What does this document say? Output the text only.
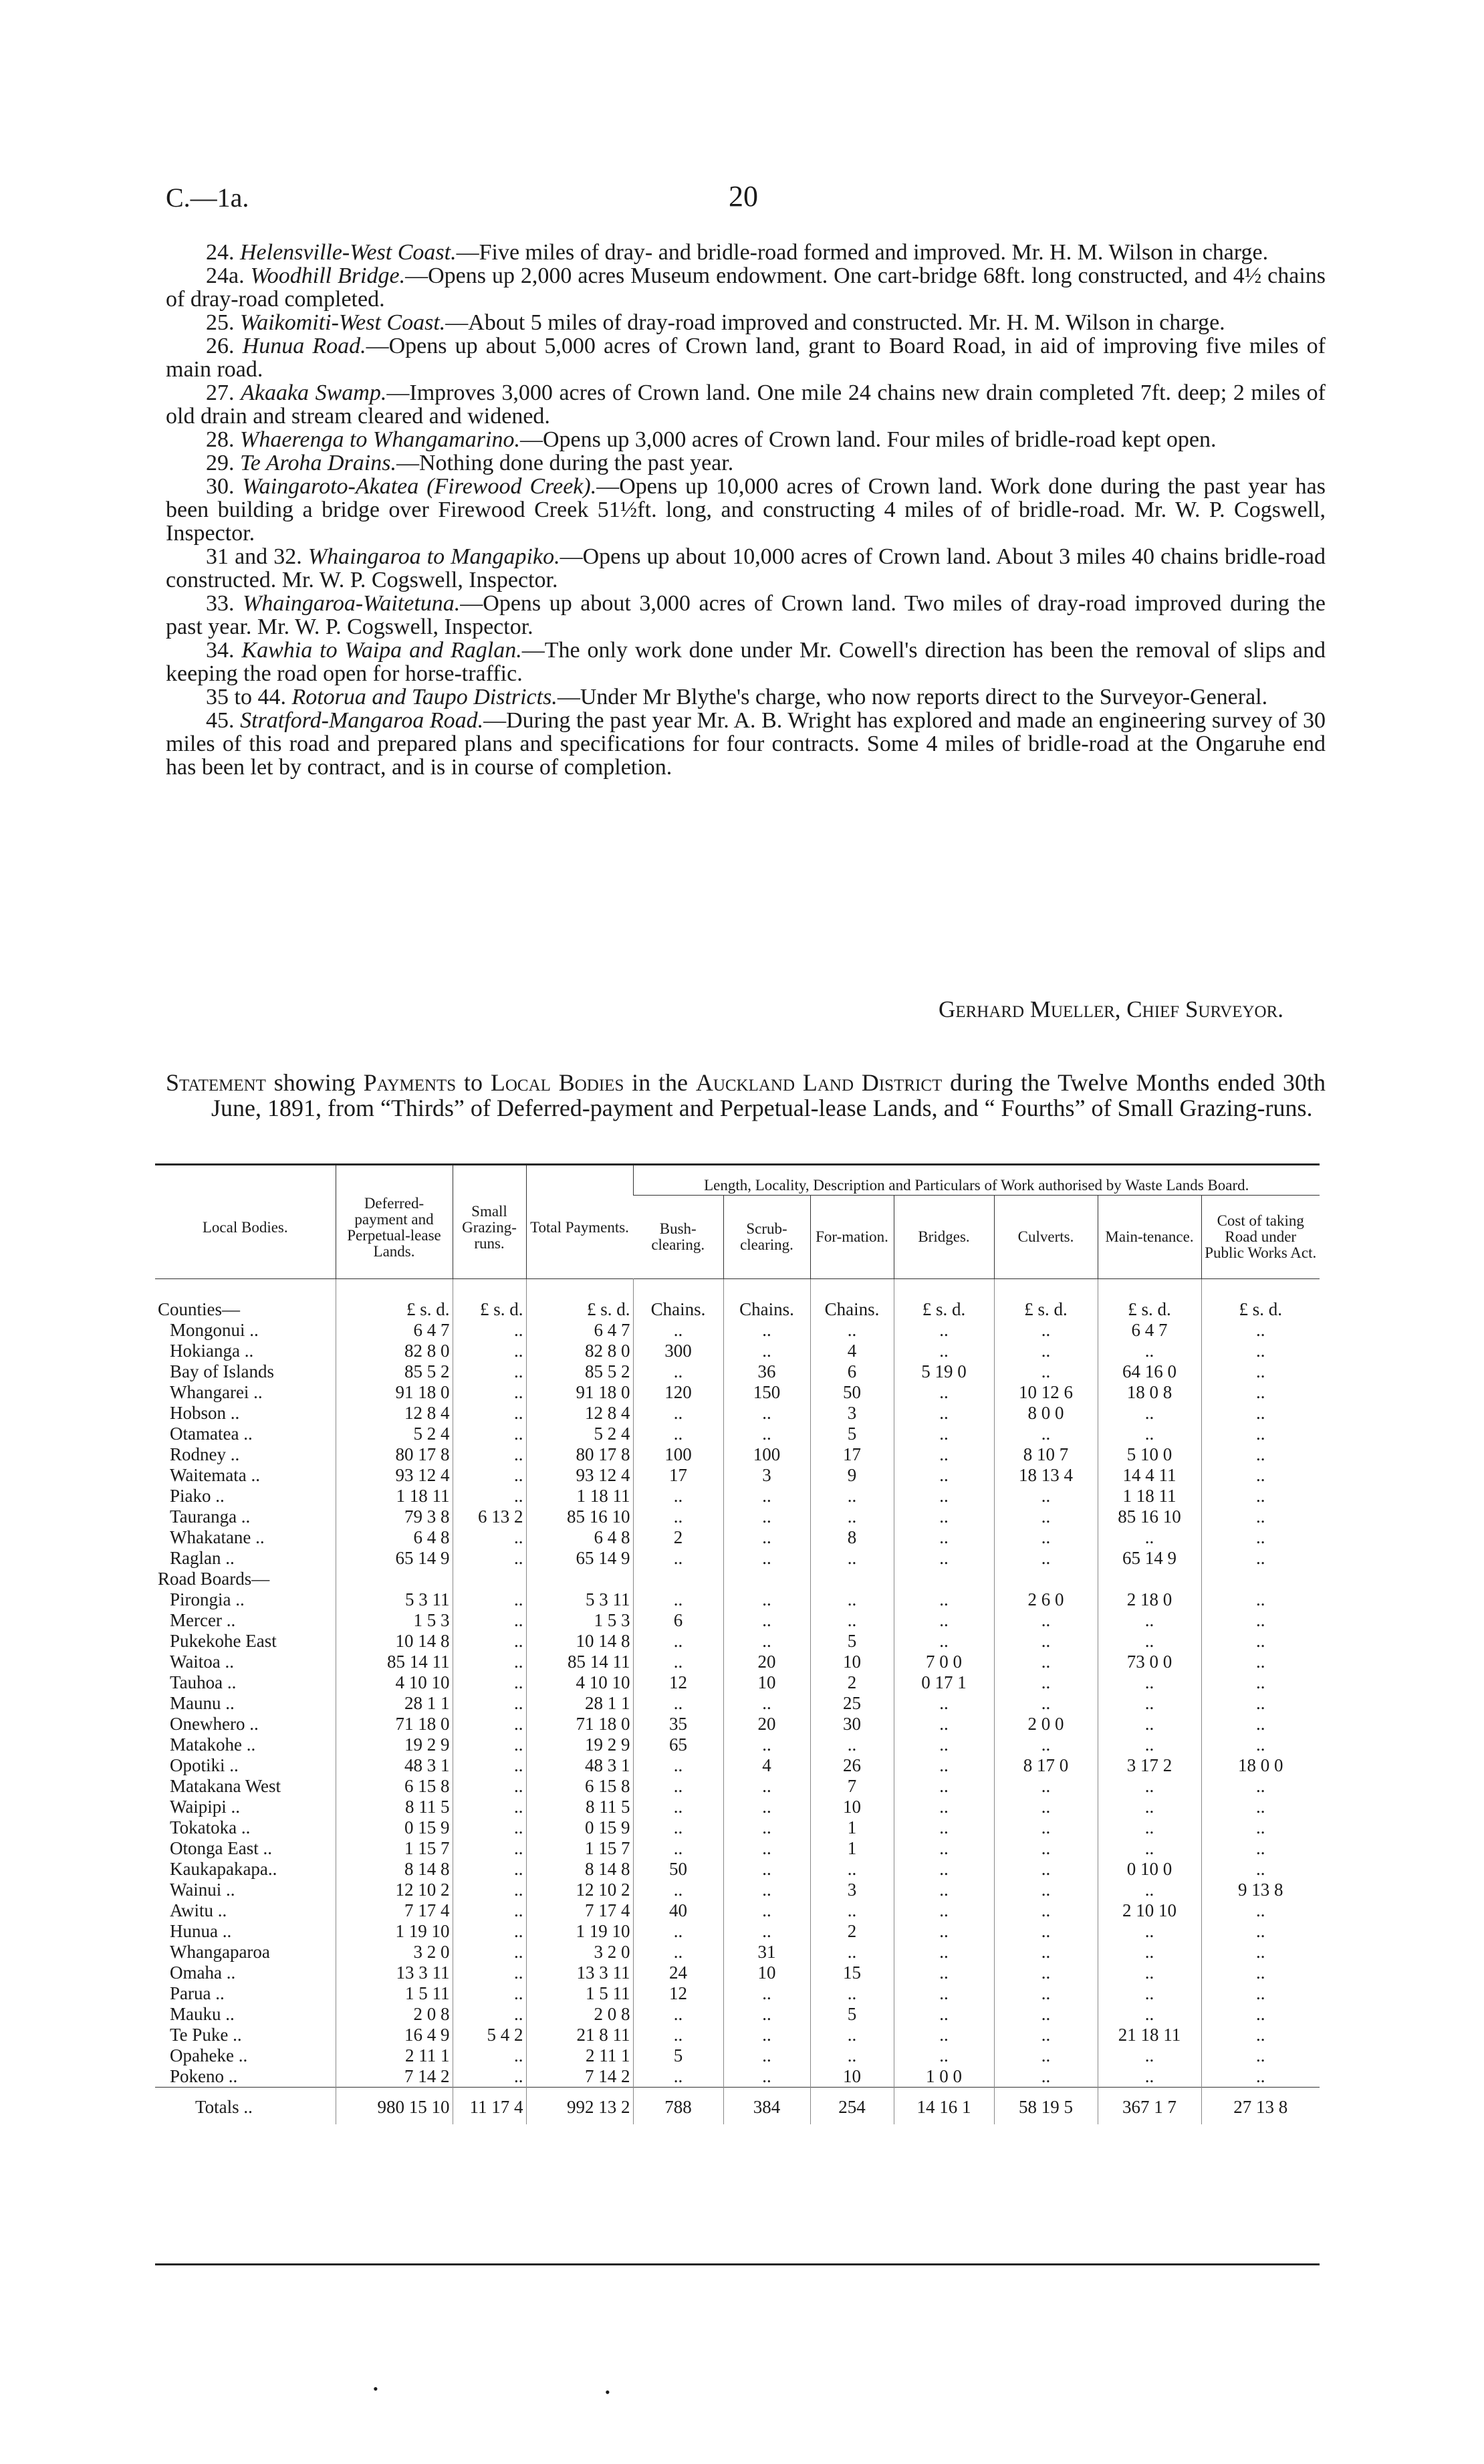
C.—1a.	20

24. Helensville-West Coast.—Five miles of dray- and bridle-road formed and improved. Mr. H. M. Wilson in charge.

24a. Woodhill Bridge.—Opens up 2,000 acres Museum endowment. One cart-bridge 68ft. long constructed, and 4½ chains of dray-road completed.

25. Waikomiti-West Coast.—About 5 miles of dray-road improved and constructed. Mr. H. M. Wilson in charge.

26. Hunua Road.—Opens up about 5,000 acres of Crown land, grant to Board Road, in aid of improving five miles of main road.

27. Akaaka Swamp.—Improves 3,000 acres of Crown land. One mile 24 chains new drain completed 7ft. deep; 2 miles of old drain and stream cleared and widened.

28. Whaerenga to Whangamarino.—Opens up 3,000 acres of Crown land. Four miles of bridle-road kept open.

29. Te Aroha Drains.—Nothing done during the past year.

30. Waingaroto-Akatea (Firewood Creek).—Opens up 10,000 acres of Crown land. Work done during the past year has been building a bridge over Firewood Creek 51½ft. long, and constructing 4 miles of of bridle-road. Mr. W. P. Cogswell, Inspector.

31 and 32. Whaingaroa to Mangapiko.—Opens up about 10,000 acres of Crown land. About 3 miles 40 chains bridle-road constructed. Mr. W. P. Cogswell, Inspector.

33. Whaingaroa-Waitetuna.—Opens up about 3,000 acres of Crown land. Two miles of dray-road improved during the past year. Mr. W. P. Cogswell, Inspector.

34. Kawhia to Waipa and Raglan.—The only work done under Mr. Cowell's direction has been the removal of slips and keeping the road open for horse-traffic.

35 to 44. Rotorua and Taupo Districts.—Under Mr Blythe's charge, who now reports direct to the Surveyor-General.

45. Stratford-Mangaroa Road.—During the past year Mr. A. B. Wright has explored and made an engineering survey of 30 miles of this road and prepared plans and specifications for four contracts. Some 4 miles of bridle-road at the Ongaruhe end has been let by contract, and is in course of completion.

Gerhard Mueller, Chief Surveyor.

Statement showing Payments to Local Bodies in the Auckland Land District during the Twelve Months ended 30th June, 1891, from “Thirds” of Deferred-payment and Perpetual-lease Lands, and “ Fourths” of Small Grazing-runs.

Local Bodies.	Deferred-payment and Perpetual-lease Lands.	Small Grazing-runs.	Total Payments.	Length, Locality, Description and Particulars of Work authorised by Waste Lands Board.						
				Bush-clearing.	Scrub-clearing.	For-mation.	Bridges.	Culverts.	Main-tenance.	Cost of taking Road under Public Works Act.
Counties—	£ s. d.	£ s. d.	£ s. d.	Chains.	Chains.	Chains.	£ s. d.	£ s. d.	£ s. d.	£ s. d.
Mongonui ..	6 4 7	..	6 4 7	..	..	..	..	..	6 4 7	..
Hokianga ..	82 8 0	..	82 8 0	300	..	4	..	..	..	..
Bay of Islands	85 5 2	..	85 5 2	..	36	6	5 19 0	..	64 16 0	..
Whangarei ..	91 18 0	..	91 18 0	120	150	50	..	10 12 6	18 0 8	..
Hobson ..	12 8 4	..	12 8 4	..	..	3	..	8 0 0	..	..
Otamatea ..	5 2 4	..	5 2 4	..	..	5	..	..	..	..
Rodney ..	80 17 8	..	80 17 8	100	100	17	..	8 10 7	5 10 0	..
Waitemata ..	93 12 4	..	93 12 4	17	3	9	..	18 13 4	14 4 11	..
Piako ..	1 18 11	..	1 18 11	..	..	..	..	..	1 18 11	..
Tauranga ..	79 3 8	6 13 2	85 16 10	..	..	..	..	..	85 16 10	..
Whakatane ..	6 4 8	..	6 4 8	2	..	8	..	..	..	..
Raglan ..	65 14 9	..	65 14 9	..	..	..	..	..	65 14 9	..
Road Boards—										
Pirongia ..	5 3 11	..	5 3 11	..	..	..	..	2 6 0	2 18 0	..
Mercer ..	1 5 3	..	1 5 3	6	..	..	..	..	..	..
Pukekohe East	10 14 8	..	10 14 8	..	..	5	..	..	..	..
Waitoa ..	85 14 11	..	85 14 11	..	20	10	7 0 0	..	73 0 0	..
Tauhoa ..	4 10 10	..	4 10 10	12	10	2	0 17 1	..	..	..
Maunu ..	28 1 1	..	28 1 1	..	..	25	..	..	..	..
Onewhero ..	71 18 0	..	71 18 0	35	20	30	..	2 0 0	..	..
Matakohe ..	19 2 9	..	19 2 9	65	..	..	..	..	..	..
Opotiki ..	48 3 1	..	48 3 1	..	4	26	..	8 17 0	3 17 2	18 0 0
Matakana West	6 15 8	..	6 15 8	..	..	7	..	..	..	..
Waipipi ..	8 11 5	..	8 11 5	..	..	10	..	..	..	..
Tokatoka ..	0 15 9	..	0 15 9	..	..	1	..	..	..	..
Otonga East ..	1 15 7	..	1 15 7	..	..	1	..	..	..	..
Kaukapakapa..	8 14 8	..	8 14 8	50	..	..	..	..	0 10 0	..
Wainui ..	12 10 2	..	12 10 2	..	..	3	..	..	..	9 13 8
Awitu ..	7 17 4	..	7 17 4	40	..	..	..	..	2 10 10	..
Hunua ..	1 19 10	..	1 19 10	..	..	2	..	..	..	..
Whangaparoa	3 2 0	..	3 2 0	..	31	..	..	..	..	..
Omaha ..	13 3 11	..	13 3 11	24	10	15	..	..	..	..
Parua ..	1 5 11	..	1 5 11	12	..	..	..	..	..	..
Mauku ..	2 0 8	..	2 0 8	..	..	5	..	..	..	..
Te Puke ..	16 4 9	5 4 2	21 8 11	..	..	..	..	..	21 18 11	..
Opaheke ..	2 11 1	..	2 11 1	5	..	..	..	..	..	..
Pokeno ..	7 14 2	..	7 14 2	..	..	10	1 0 0	..	..	..
Totals ..	980 15 10	11 17 4	992 13 2	788	384	254	14 16 1	58 19 5	367 1 7	27 13 8
•	•
